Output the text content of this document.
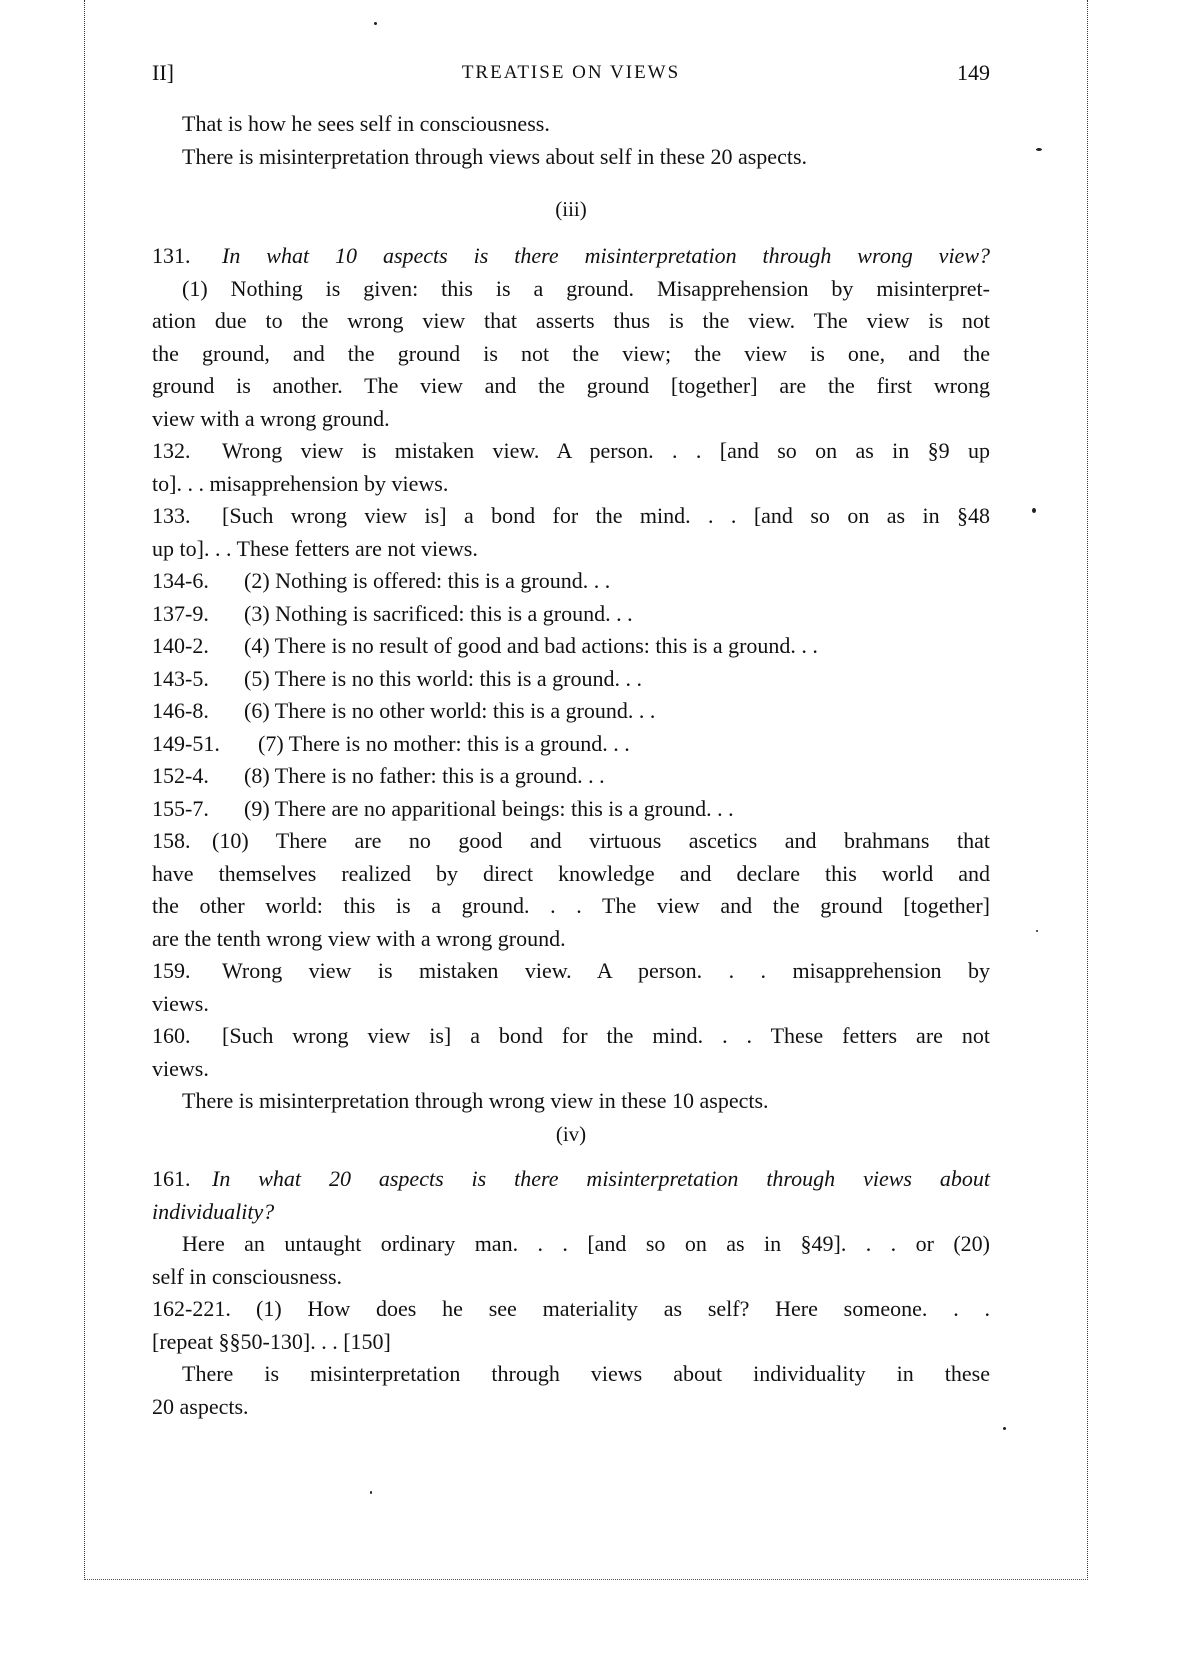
II]	TREATISE ON VIEWS	149
That is how he sees self in consciousness.
There is misinterpretation through views about self in these 20 aspects.
(iii)
131. In what 10 aspects is there misinterpretation through wrong view?
(1) Nothing is given: this is a ground. Misapprehension by misinterpret-
ation due to the wrong view that asserts thus is the view. The view is not
the ground, and the ground is not the view; the view is one, and the
ground is another. The view and the ground [together] are the first wrong
view with a wrong ground.
132. Wrong view is mistaken view. A person. . . [and so on as in §9 up
to]. . . misapprehension by views.
133. [Such wrong view is] a bond for the mind. . . [and so on as in §48
up to]. . . These fetters are not views.
134-6. (2) Nothing is offered: this is a ground. . .
137-9. (3) Nothing is sacrificed: this is a ground. . .
140-2. (4) There is no result of good and bad actions: this is a ground. . .
143-5. (5) There is no this world: this is a ground. . .
146-8. (6) There is no other world: this is a ground. . .
149-51. (7) There is no mother: this is a ground. . .
152-4. (8) There is no father: this is a ground. . .
155-7. (9) There are no apparitional beings: this is a ground. . .
158. (10) There are no good and virtuous ascetics and brahmans that
have themselves realized by direct knowledge and declare this world and
the other world: this is a ground. . . The view and the ground [together]
are the tenth wrong view with a wrong ground.
159. Wrong view is mistaken view. A person. . . misapprehension by
views.
160. [Such wrong view is] a bond for the mind. . . These fetters are not
views.
There is misinterpretation through wrong view in these 10 aspects.
(iv)
161. In what 20 aspects is there misinterpretation through views about
individuality?
Here an untaught ordinary man. . . [and so on as in §49]. . . or (20)
self in consciousness.
162-221. (1) How does he see materiality as self? Here someone. . .
[repeat §§50-130]. . . [150]
There is misinterpretation through views about individuality in these
20 aspects.
